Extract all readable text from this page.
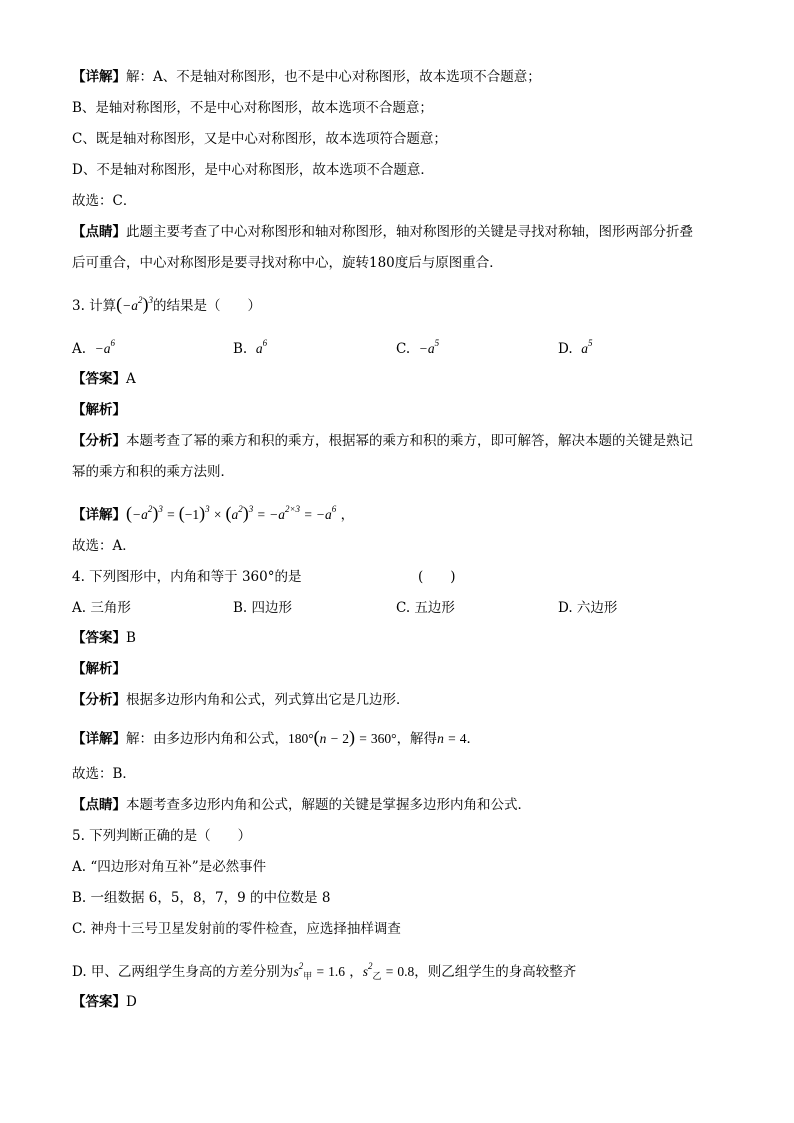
【详解】解：A、不是轴对称图形，也不是中心对称图形，故本选项不合题意；
B、是轴对称图形，不是中心对称图形，故本选项不合题意；
C、既是轴对称图形，又是中心对称图形，故本选项符合题意；
D、不是轴对称图形，是中心对称图形，故本选项不合题意．
故选：C．
【点睛】此题主要考查了中心对称图形和轴对称图形，轴对称图形的关键是寻找对称轴，图形两部分折叠
后可重合，中心对称图形是要寻找对称中心，旋转180度后与原图重合．
3. 计算$(-a^2)^3$的结果是（　　）
A. $-a^6$	B. $a^6$	C. $-a^5$	D. $a^5$
【答案】A
【解析】
【分析】本题考查了幂的乘方和积的乘方，根据幂的乘方和积的乘方，即可解答，解决本题的关键是熟记
幂的乘方和积的乘方法则．
【详解】$(-a^2)^3 = (-1)^3 \times (a^2)^3 = -a^{2\times 3} = -a^6$ ，
故选：A．
4. 下列图形中，内角和等于 360°的是	(　　)
A. 三角形	B. 四边形	C. 五边形	D. 六边形
【答案】B
【解析】
【分析】根据多边形内角和公式，列式算出它是几边形．
【详解】解：由多边形内角和公式，180°(n − 2) = 360°，解得n = 4．
故选：B．
【点睛】本题考查多边形内角和公式，解题的关键是掌握多边形内角和公式．
5. 下列判断正确的是（　　）
A. “四边形对角互补”是必然事件
B. 一组数据 6，5，8，7，9 的中位数是 8
C. 神舟十三号卫星发射前的零件检查，应选择抽样调查
D. 甲、乙两组学生身高的方差分别为$s^2_甲 = 1.6$ ，$s^2_乙 = 0.8$，则乙组学生的身高较整齐
【答案】D
